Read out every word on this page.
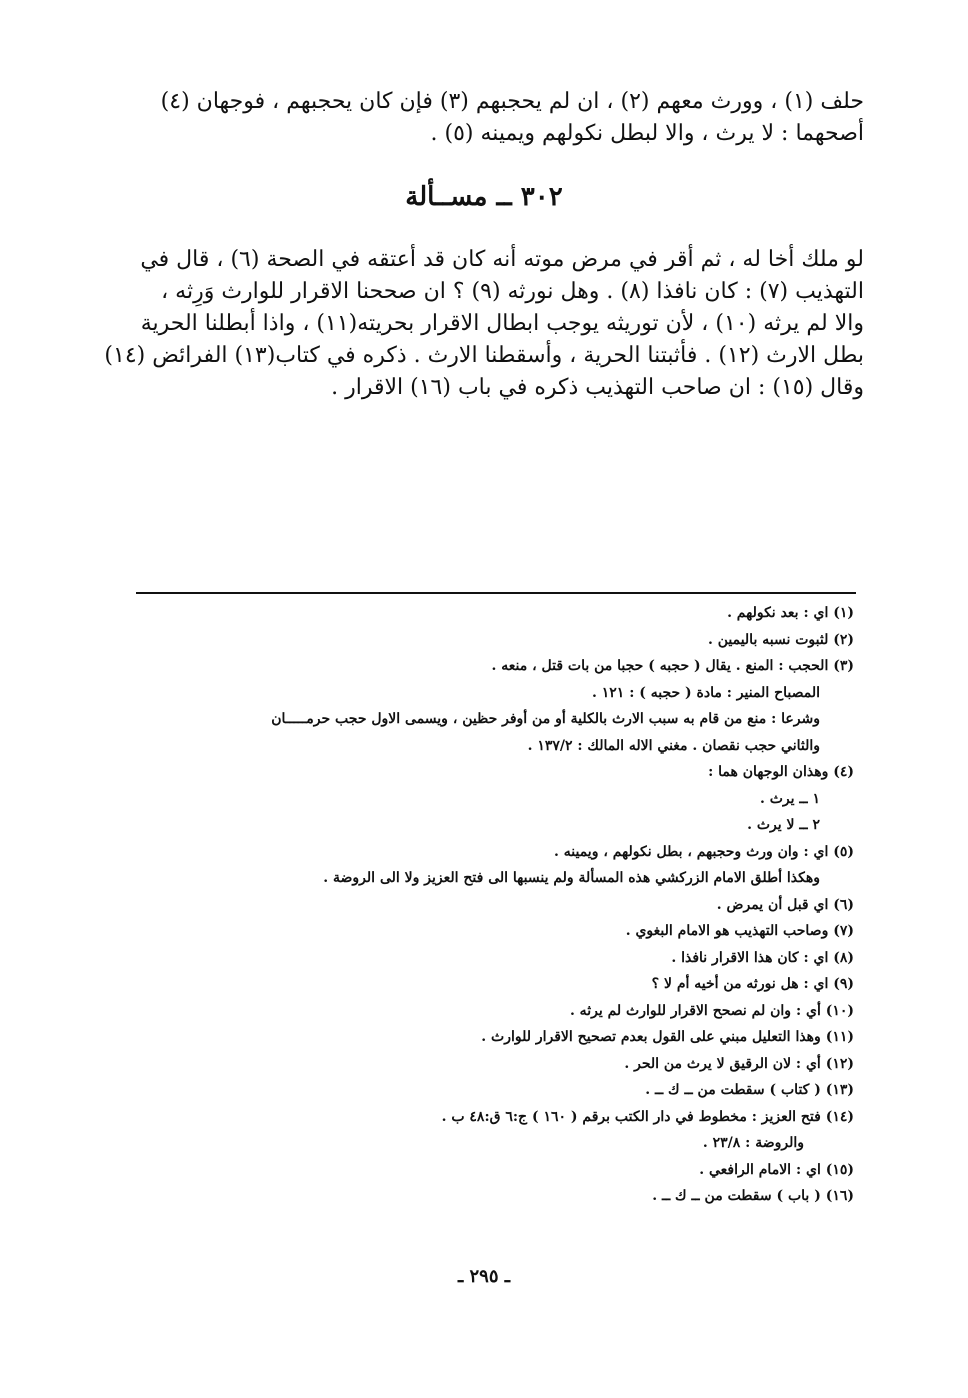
حلف (١) ، وورث معهم (٢) ، ان لم يحجبهم (٣) فإن كان يحجبهم ، فوجهان (٤)
أصحهما : لا يرث ، والا لبطل نكولهم ويمينه (٥) .
٣٠٢ ــ مســألة
لو ملك أخا له ، ثم أقر في مرض موته أنه كان قد أعتقه في الصحة (٦) ، قال في
التهذيب (٧) : كان نافذا (٨) . وهل نورثه (٩) ؟ ان صححنا الاقرار للوارث وَرِثه ،
والا لم يرثه (١٠) ، لأن توريثه يوجب ابطال الاقرار بحريته(١١) ، واذا أبطلنا الحرية
بطل الارث (١٢) . فأثبتنا الحرية ، وأسقطنا الارث . ذكره في كتاب(١٣) الفرائض (١٤)
وقال (١٥) : ان صاحب التهذيب ذكره في باب (١٦) الاقرار .
(١) اي : بعد نكولهم .
(٢) لثبوت نسبه باليمين .
(٣) الحجب : المنع . يقال ( حجبه ) حجبا من بات قتل ، منعه .
المصباح المنير : مادة ( حجبه ) : ١٢١ .
وشرعا : منع من قام به سبب الارث بالكلية أو من أوفر حظين ، ويسمى الاول حجب حرمـــــان
والثاني حجب نقصان . مغني الاله المالك : ١٣٧/٢ .
(٤) وهذان الوجهان هما :
١ ــ يرث .
٢ ــ لا يرث .
(٥) اي : وان ورث وحجبهم ، بطل نكولهم ، ويمينه .
وهكذا أطلق الامام الزركشي هذه المسألة ولم ينسبها الى فتح العزيز ولا الى الروضة .
(٦) اي قبل أن يمرض .
(٧) وصاحب التهذيب هو الامام البغوي .
(٨) اي : كان هذا الاقرار نافذا .
(٩) اي : هل نورثه من أخيه أم لا ؟
(١٠) أي : وان لم نصحح الاقرار للوارث لم يرثه .
(١١) وهذا التعليل مبني على القول بعدم تصحيح الاقرار للوارث .
(١٢) أي : لان الرقيق لا يرث من الحر .
(١٣) ( كتاب ) سقطت من ــ ك ــ .
(١٤) فتح العزيز : مخطوط في دار الكتب برقم ( ١٦٠ ) ج:٦ ق:٤٨ ب .
والروضة : ٢٣/٨ .
(١٥) اي : الامام الرافعي .
(١٦) ( باب ) سقطت من ــ ك ــ .
ـ ٢٩٥ ـ
